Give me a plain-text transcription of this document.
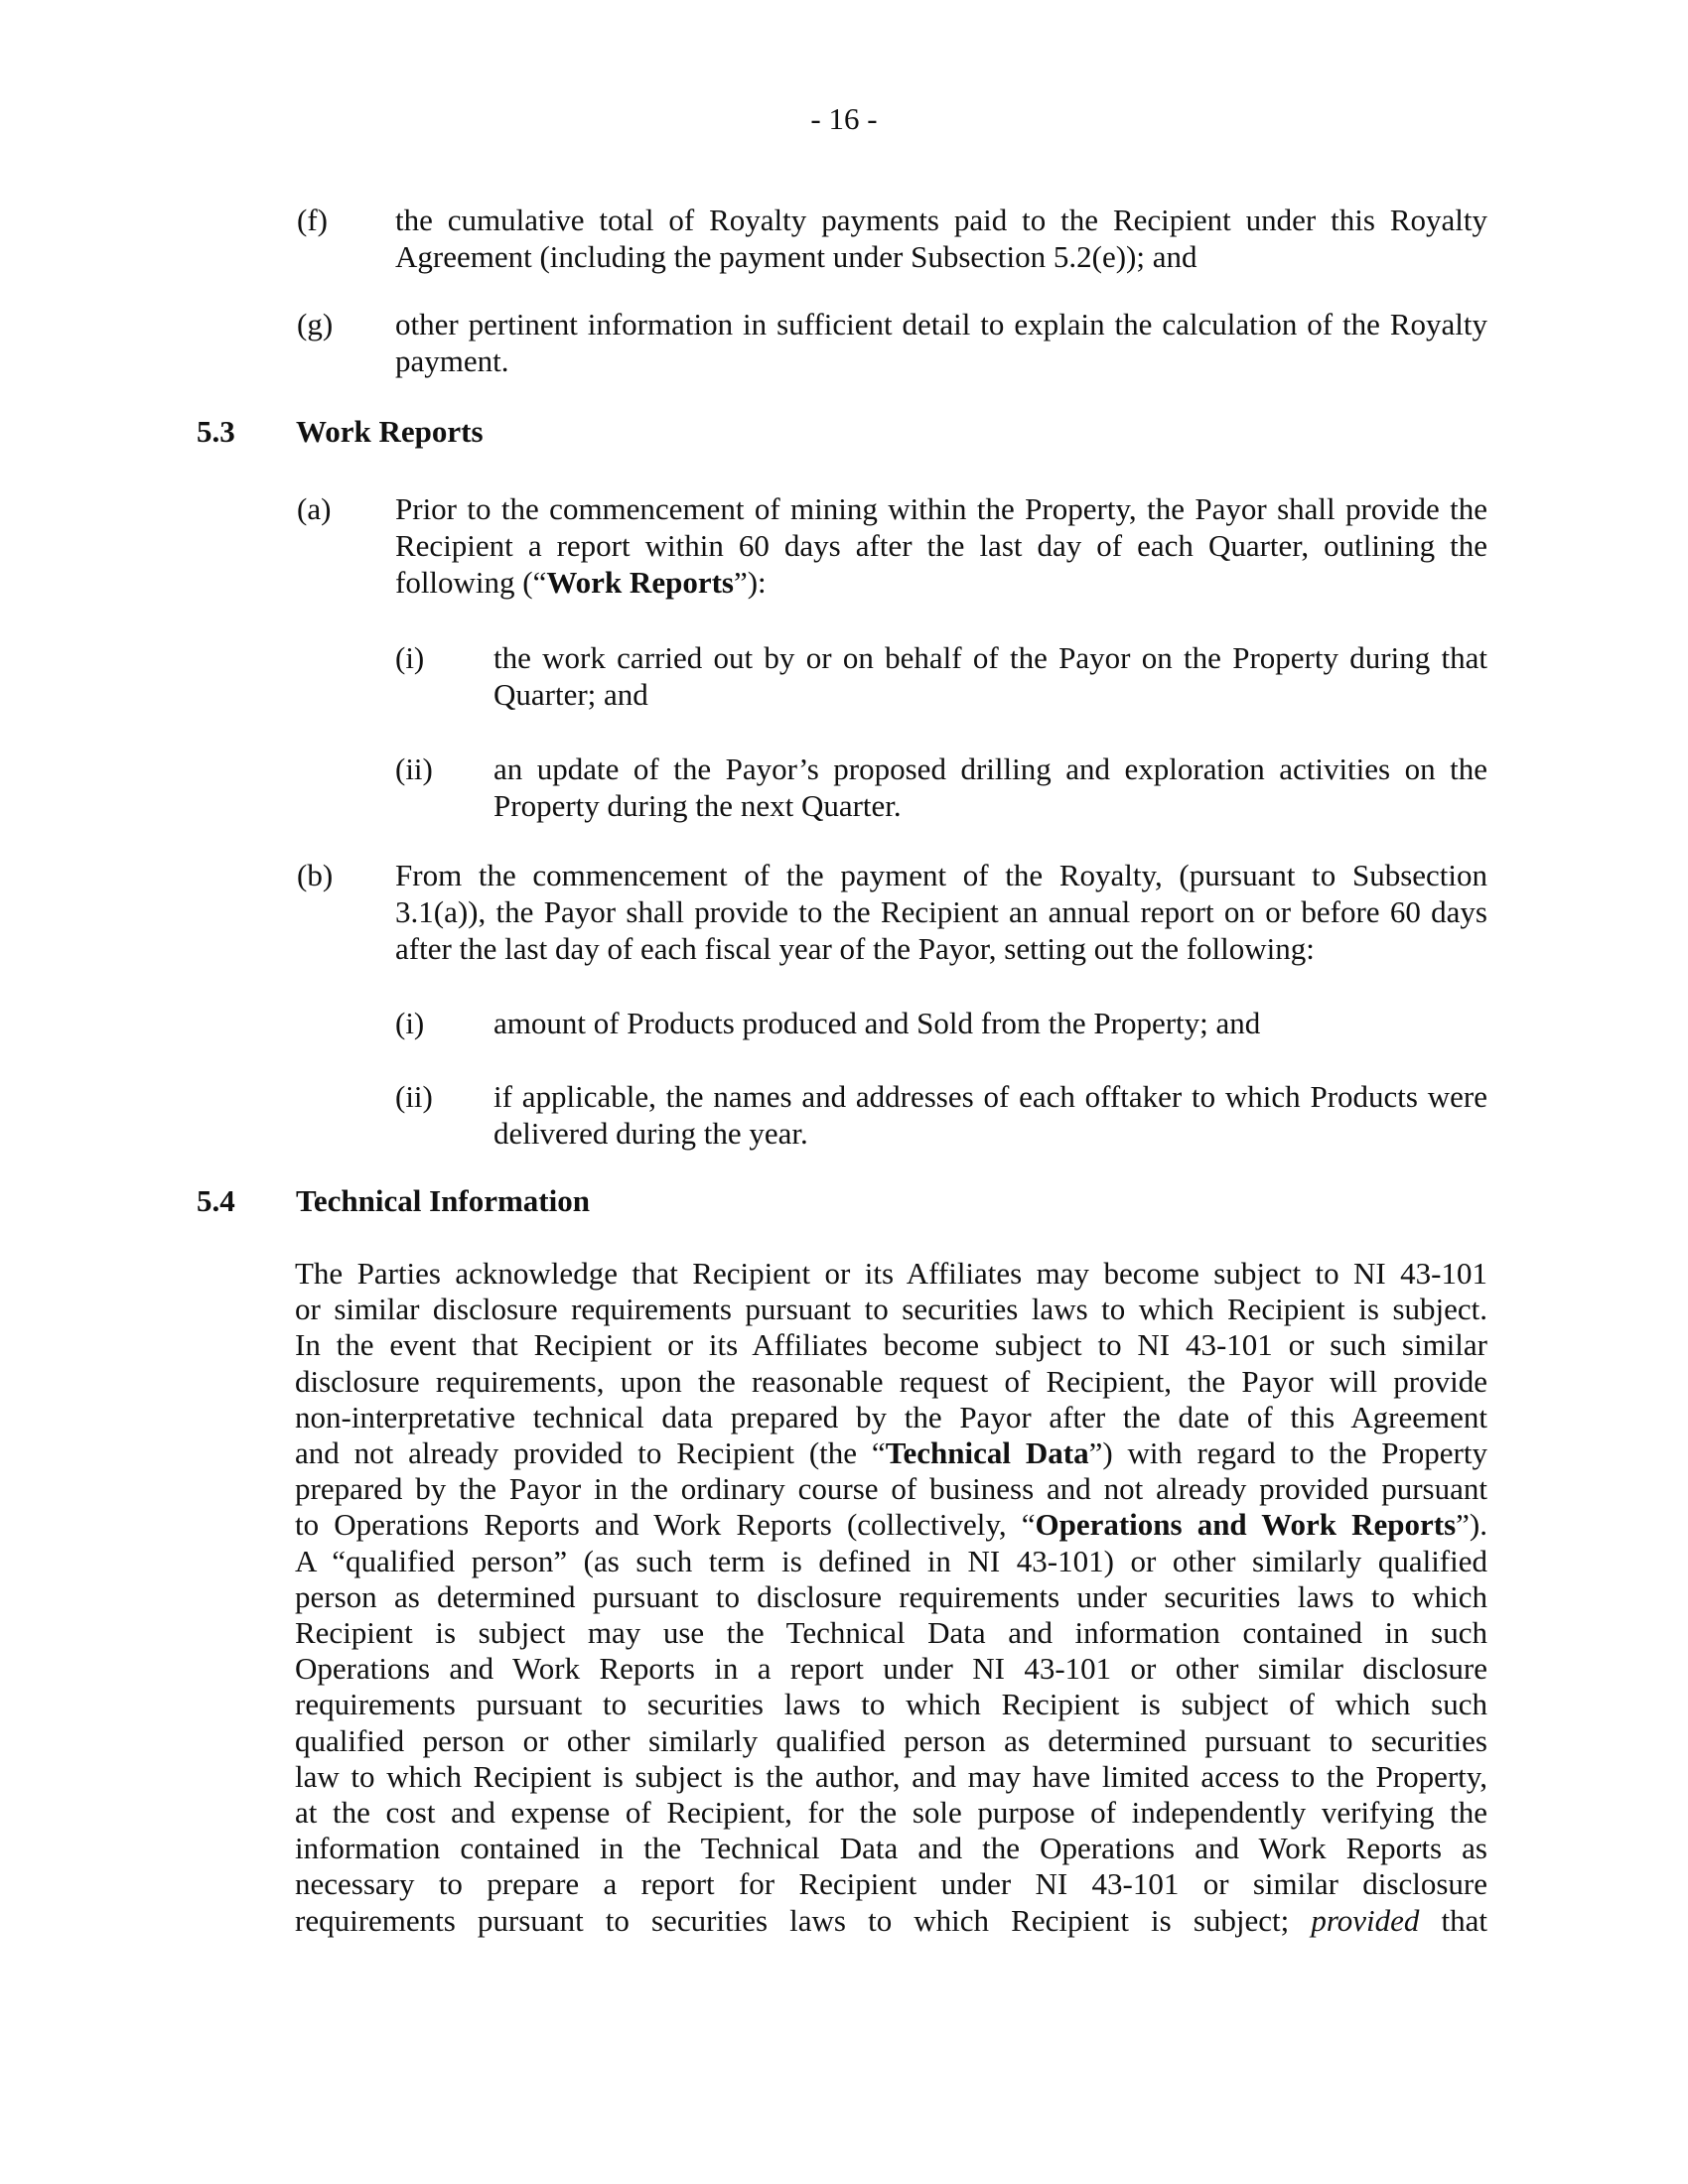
- 16 -
(f) the cumulative total of Royalty payments paid to the Recipient under this Royalty Agreement (including the payment under Subsection 5.2(e)); and
(g) other pertinent information in sufficient detail to explain the calculation of the Royalty payment.
5.3 Work Reports
(a) Prior to the commencement of mining within the Property, the Payor shall provide the Recipient a report within 60 days after the last day of each Quarter, outlining the following (“Work Reports”):
(i) the work carried out by or on behalf of the Payor on the Property during that Quarter; and
(ii) an update of the Payor’s proposed drilling and exploration activities on the Property during the next Quarter.
(b) From the commencement of the payment of the Royalty, (pursuant to Subsection 3.1(a)), the Payor shall provide to the Recipient an annual report on or before 60 days after the last day of each fiscal year of the Payor, setting out the following:
(i) amount of Products produced and Sold from the Property; and
(ii) if applicable, the names and addresses of each offtaker to which Products were delivered during the year.
5.4 Technical Information
The Parties acknowledge that Recipient or its Affiliates may become subject to NI 43-101
or similar disclosure requirements pursuant to securities laws to which Recipient is subject.
In the event that Recipient or its Affiliates become subject to NI 43-101 or such similar
disclosure requirements, upon the reasonable request of Recipient, the Payor will provide
non-interpretative technical data prepared by the Payor after the date of this Agreement
and not already provided to Recipient (the “Technical Data”) with regard to the Property
prepared by the Payor in the ordinary course of business and not already provided pursuant
to Operations Reports and Work Reports (collectively, “Operations and Work Reports”).
A “qualified person” (as such term is defined in NI 43-101) or other similarly qualified
person as determined pursuant to disclosure requirements under securities laws to which
Recipient is subject may use the Technical Data and information contained in such
Operations and Work Reports in a report under NI 43-101 or other similar disclosure
requirements pursuant to securities laws to which Recipient is subject of which such
qualified person or other similarly qualified person as determined pursuant to securities
law to which Recipient is subject is the author, and may have limited access to the Property,
at the cost and expense of Recipient, for the sole purpose of independently verifying the
information contained in the Technical Data and the Operations and Work Reports as
necessary to prepare a report for Recipient under NI 43-101 or similar disclosure
requirements pursuant to securities laws to which Recipient is subject; provided that
